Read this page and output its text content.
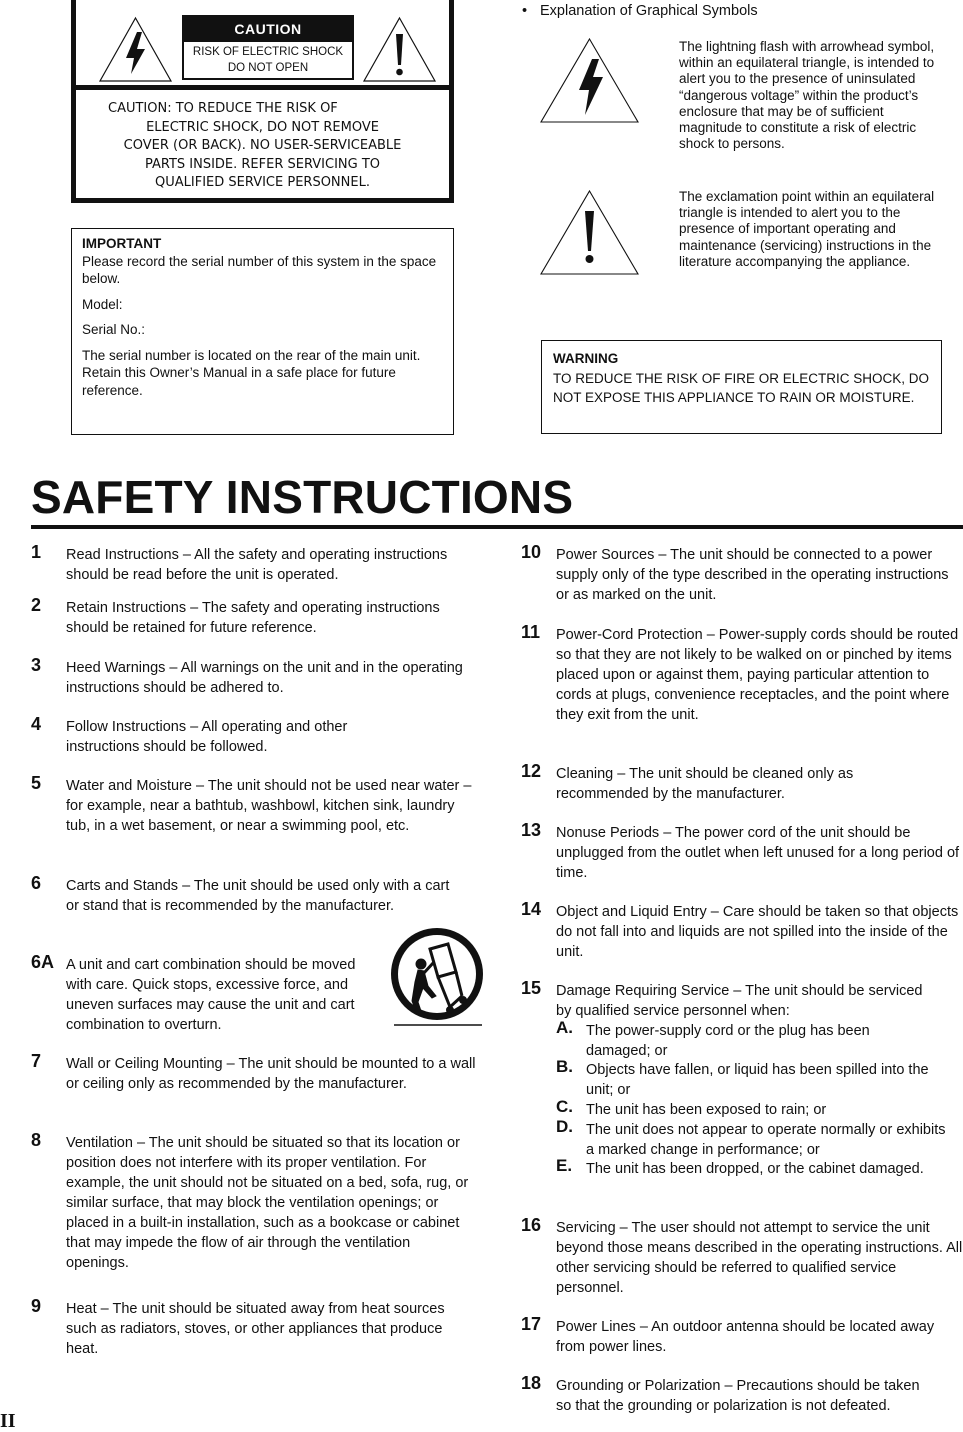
CAUTION
RISK OF ELECTRIC SHOCK
DO NOT OPEN
CAUTION: TO REDUCE THE RISK OF
ELECTRIC SHOCK, DO NOT REMOVE
COVER (OR BACK). NO USER-SERVICEABLE
PARTS INSIDE. REFER SERVICING TO
QUALIFIED SERVICE PERSONNEL.
IMPORTANT

Please record the serial number of this system in the space below.

Model:

Serial No.:

The serial number is located on the rear of the main unit.
Retain this Owner’s Manual in a safe place for future reference.
• Explanation of Graphical Symbols
The lightning flash with arrowhead symbol, within an equilateral triangle, is intended to alert you to the presence of uninsulated “dangerous voltage” within the product’s enclosure that may be of sufficient magnitude to constitute a risk of electric shock to persons.
The exclamation point within an equilateral triangle is intended to alert you to the presence of important operating and maintenance (servicing) instructions in the literature accompanying the appliance.
WARNING
TO REDUCE THE RISK OF FIRE OR ELECTRIC SHOCK, DO NOT EXPOSE THIS APPLIANCE TO RAIN OR MOISTURE.
SAFETY INSTRUCTIONS
1 Read Instructions – All the safety and operating instructions should be read before the unit is operated.
2 Retain Instructions – The safety and operating instructions should be retained for future reference.
3 Heed Warnings – All warnings on the unit and in the operating instructions should be adhered to.
4 Follow Instructions – All operating and other instructions should be followed.
5 Water and Moisture – The unit should not be used near water – for example, near a bathtub, washbowl, kitchen sink, laundry tub, in a wet basement, or near a swimming pool, etc.
6 Carts and Stands – The unit should be used only with a cart or stand that is recommended by the manufacturer.
6A A unit and cart combination should be moved with care. Quick stops, excessive force, and uneven surfaces may cause the unit and cart combination to overturn.
7 Wall or Ceiling Mounting – The unit should be mounted to a wall or ceiling only as recommended by the manufacturer.
8 Ventilation – The unit should be situated so that its location or position does not interfere with its proper ventilation. For example, the unit should not be situated on a bed, sofa, rug, or similar surface, that may block the ventilation openings; or placed in a built-in installation, such as a bookcase or cabinet that may impede the flow of air through the ventilation openings.
9 Heat – The unit should be situated away from heat sources such as radiators, stoves, or other appliances that produce heat.
10 Power Sources – The unit should be connected to a power supply only of the type described in the operating instructions or as marked on the unit.
11 Power-Cord Protection – Power-supply cords should be routed so that they are not likely to be walked on or pinched by items placed upon or against them, paying particular attention to cords at plugs, convenience receptacles, and the point where they exit from the unit.
12 Cleaning – The unit should be cleaned only as recommended by the manufacturer.
13 Nonuse Periods – The power cord of the unit should be unplugged from the outlet when left unused for a long period of time.
14 Object and Liquid Entry – Care should be taken so that objects do not fall into and liquids are not spilled into the inside of the unit.
15 Damage Requiring Service – The unit should be serviced by qualified service personnel when:
A. The power-supply cord or the plug has been damaged; or
B. Objects have fallen, or liquid has been spilled into the unit; or
C. The unit has been exposed to rain; or
D. The unit does not appear to operate normally or exhibits a marked change in performance; or
E. The unit has been dropped, or the cabinet damaged.
16 Servicing – The user should not attempt to service the unit beyond those means described in the operating instructions. All other servicing should be referred to qualified service personnel.
17 Power Lines – An outdoor antenna should be located away from power lines.
18 Grounding or Polarization – Precautions should be taken so that the grounding or polarization is not defeated.
II
